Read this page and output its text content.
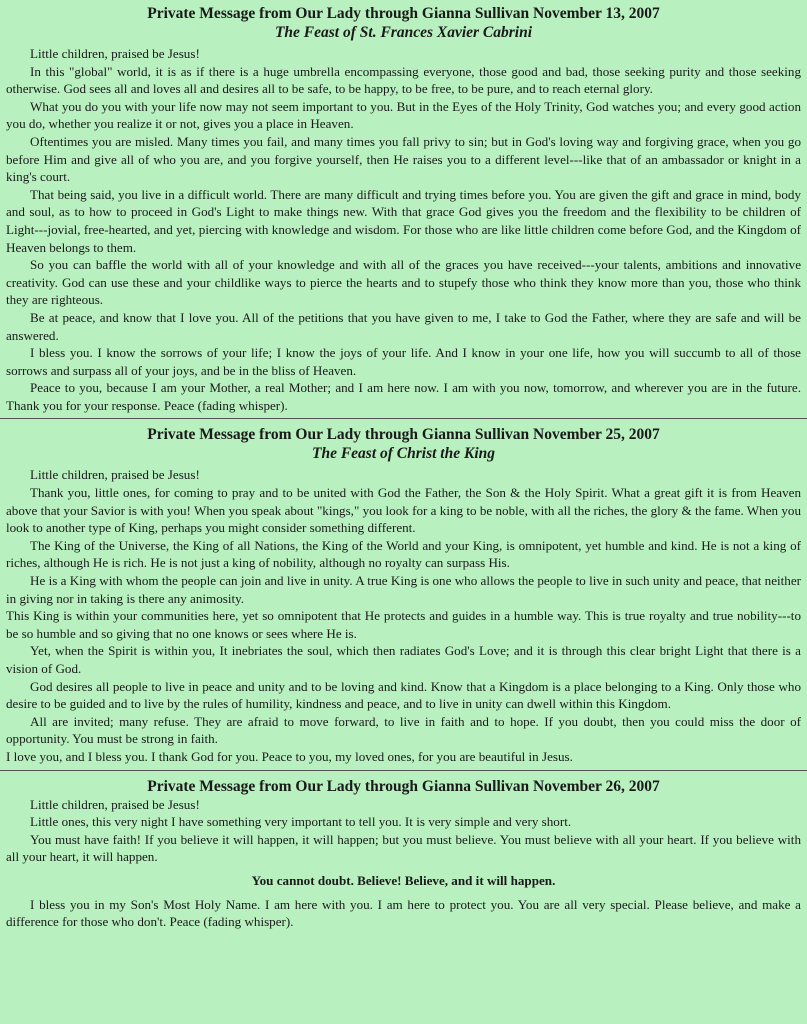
Private Message from Our Lady through Gianna Sullivan November 13, 2007
The Feast of St. Frances Xavier Cabrini

Little children, praised be Jesus!

In this "global" world, it is as if there is a huge umbrella encompassing everyone, those good and bad, those seeking purity and those seeking otherwise. God sees all and loves all and desires all to be safe, to be happy, to be free, to be pure, and to reach eternal glory.

What you do you with your life now may not seem important to you. But in the Eyes of the Holy Trinity, God watches you; and every good action you do, whether you realize it or not, gives you a place in Heaven.

Oftentimes you are misled. Many times you fail, and many times you fall privy to sin; but in God's loving way and forgiving grace, when you go before Him and give all of who you are, and you forgive yourself, then He raises you to a different level---like that of an ambassador or knight in a king's court.

That being said, you live in a difficult world. There are many difficult and trying times before you. You are given the gift and grace in mind, body and soul, as to how to proceed in God's Light to make things new. With that grace God gives you the freedom and the flexibility to be children of Light---jovial, free-hearted, and yet, piercing with knowledge and wisdom. For those who are like little children come before God, and the Kingdom of Heaven belongs to them.

So you can baffle the world with all of your knowledge and with all of the graces you have received---your talents, ambitions and innovative creativity. God can use these and your childlike ways to pierce the hearts and to stupefy those who think they know more than you, those who think they are righteous.

Be at peace, and know that I love you. All of the petitions that you have given to me, I take to God the Father, where they are safe and will be answered.

I bless you. I know the sorrows of your life; I know the joys of your life. And I know in your one life, how you will succumb to all of those sorrows and surpass all of your joys, and be in the bliss of Heaven.

Peace to you, because I am your Mother, a real Mother; and I am here now. I am with you now, tomorrow, and wherever you are in the future. Thank you for your response. Peace (fading whisper).

Private Message from Our Lady through Gianna Sullivan November 25, 2007
The Feast of Christ the King

Little children, praised be Jesus!

Thank you, little ones, for coming to pray and to be united with God the Father, the Son & the Holy Spirit. What a great gift it is from Heaven above that your Savior is with you! When you speak about "kings," you look for a king to be noble, with all the riches, the glory & the fame. When you look to another type of King, perhaps you might consider something different.

The King of the Universe, the King of all Nations, the King of the World and your King, is omnipotent, yet humble and kind. He is not a king of riches, although He is rich. He is not just a king of nobility, although no royalty can surpass His.

He is a King with whom the people can join and live in unity. A true King is one who allows the people to live in such unity and peace, that neither in giving nor in taking is there any animosity.

This King is within your communities here, yet so omnipotent that He protects and guides in a humble way. This is true royalty and true nobility---to be so humble and so giving that no one knows or sees where He is.

Yet, when the Spirit is within you, It inebriates the soul, which then radiates God's Love; and it is through this clear bright Light that there is a vision of God.

God desires all people to live in peace and unity and to be loving and kind. Know that a Kingdom is a place belonging to a King. Only those who desire to be guided and to live by the rules of humility, kindness and peace, and to live in unity can dwell within this Kingdom.

All are invited; many refuse. They are afraid to move forward, to live in faith and to hope. If you doubt, then you could miss the door of opportunity. You must be strong in faith.

I love you, and I bless you. I thank God for you. Peace to you, my loved ones, for you are beautiful in Jesus.

Private Message from Our Lady through Gianna Sullivan November 26, 2007

Little children, praised be Jesus!

Little ones, this very night I have something very important to tell you. It is very simple and very short.

You must have faith! If you believe it will happen, it will happen; but you must believe. You must believe with all your heart. If you believe with all your heart, it will happen.

You cannot doubt. Believe! Believe, and it will happen.

I bless you in my Son's Most Holy Name. I am here with you. I am here to protect you. You are all very special. Please believe, and make a difference for those who don't. Peace (fading whisper).
